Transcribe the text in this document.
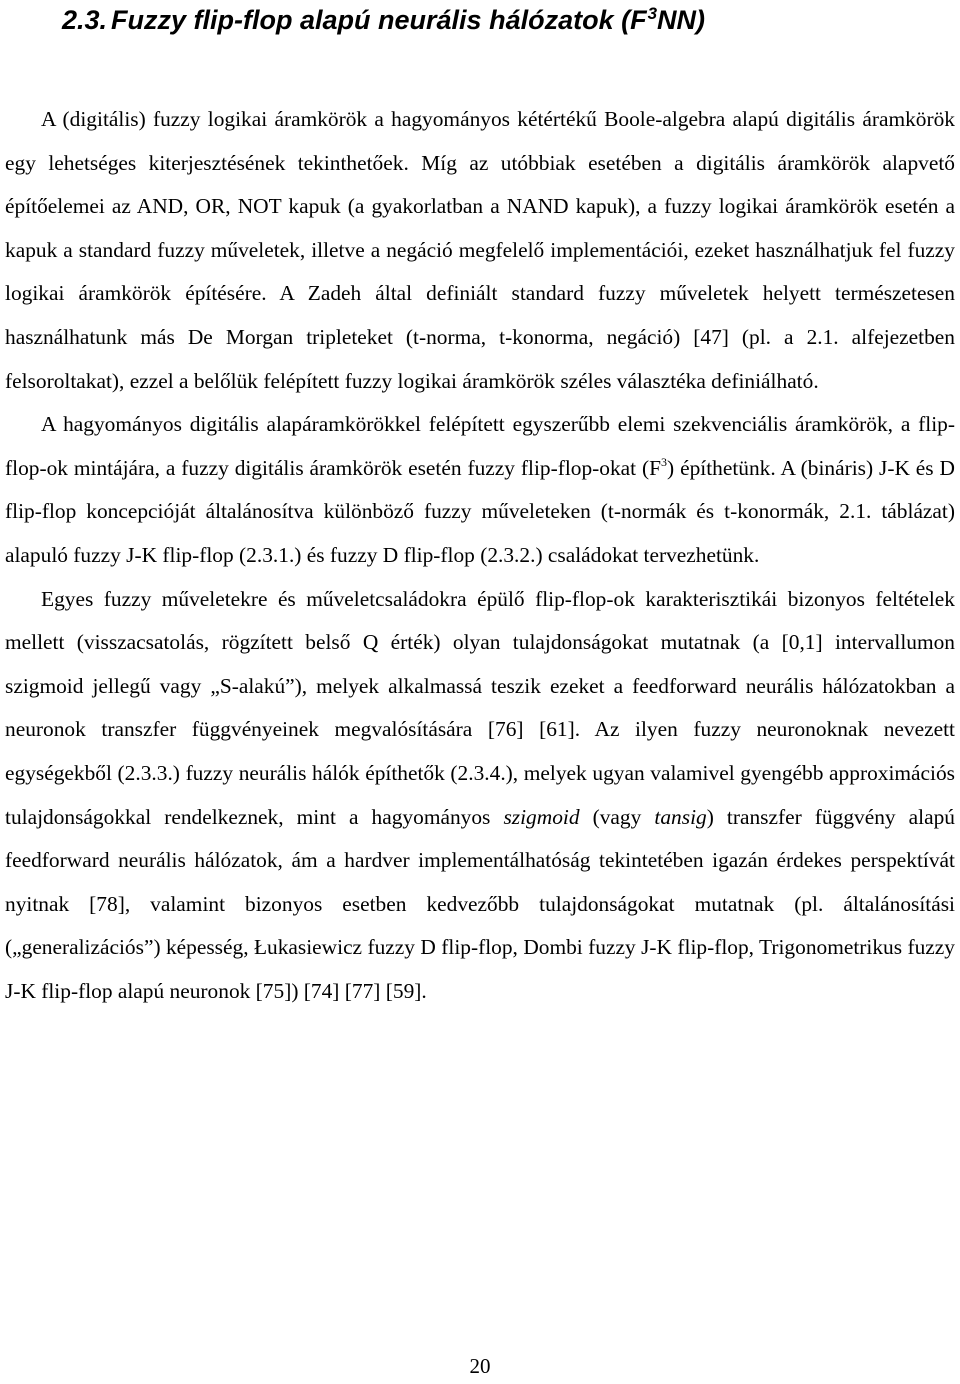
2.3. Fuzzy flip-flop alapú neurális hálózatok $(F^3NN)$

A (digitális) fuzzy logikai áramkörök a hagyományos kétértékű Boole-algebra alapú digitális áramkörök egy lehetséges kiterjesztésének tekinthetőek. Míg az utóbbiak esetében a digitális áramkörök alapvető építőelemei az AND, OR, NOT kapuk (a gyakorlatban a NAND kapuk), a fuzzy logikai áramkörök esetén a kapuk a standard fuzzy műveletek, illetve a negáció megfelelő implementációi, ezeket használhatjuk fel fuzzy logikai áramkörök építésére. A Zadeh által definiált standard fuzzy műveletek helyett természetesen használhatunk más De Morgan tripleteket (t-norma, t-konorma, negáció) [47] (pl. a 2.1. alfejezetben felsoroltakat), ezzel a belőlük felépített fuzzy logikai áramkörök széles választéka definiálható.

A hagyományos digitális alapáramkörökkel felépített egyszerűbb elemi szekvenciális áramkörök, a flip-flop-ok mintájára, a fuzzy digitális áramkörök esetén fuzzy flip-flop-okat $(F^3)$ építhetünk. A (bináris) J-K és D flip-flop koncepcióját általánosítva különböző fuzzy műveleteken (t-normák és t-konormák, 2.1. táblázat) alapuló fuzzy J-K flip-flop (2.3.1.) és fuzzy D flip-flop (2.3.2.) családokat tervezhetünk.

Egyes fuzzy műveletekre és műveletcsaládokra épülő flip-flop-ok karakterisztikái bizonyos feltételek mellett (visszacsatolás, rögzített belső Q érték) olyan tulajdonságokat mutatnak (a [0,1] intervallumon szigmoid jellegű vagy „S-alakú”), melyek alkalmassá teszik ezeket a feedforward neurális hálózatokban a neuronok transzfer függvényeinek megvalósítására [76] [61]. Az ilyen fuzzy neuronoknak nevezett egységekből (2.3.3.) fuzzy neurális hálók építhetők (2.3.4.), melyek ugyan valamivel gyengébb approximációs tulajdonságokkal rendelkeznek, mint a hagyományos szigmoid (vagy tansig) transzfer függvény alapú feedforward neurális hálózatok, ám a hardver implementálhatóság tekintetében igazán érdekes perspektívát nyitnak [78], valamint bizonyos esetben kedvezőbb tulajdonságokat mutatnak (pl. általánosítási („generalizációs”) képesség, Łukasiewicz fuzzy D flip-flop, Dombi fuzzy J-K flip-flop, Trigonometrikus fuzzy J-K flip-flop alapú neuronok [75]) [74] [77] [59].

20
